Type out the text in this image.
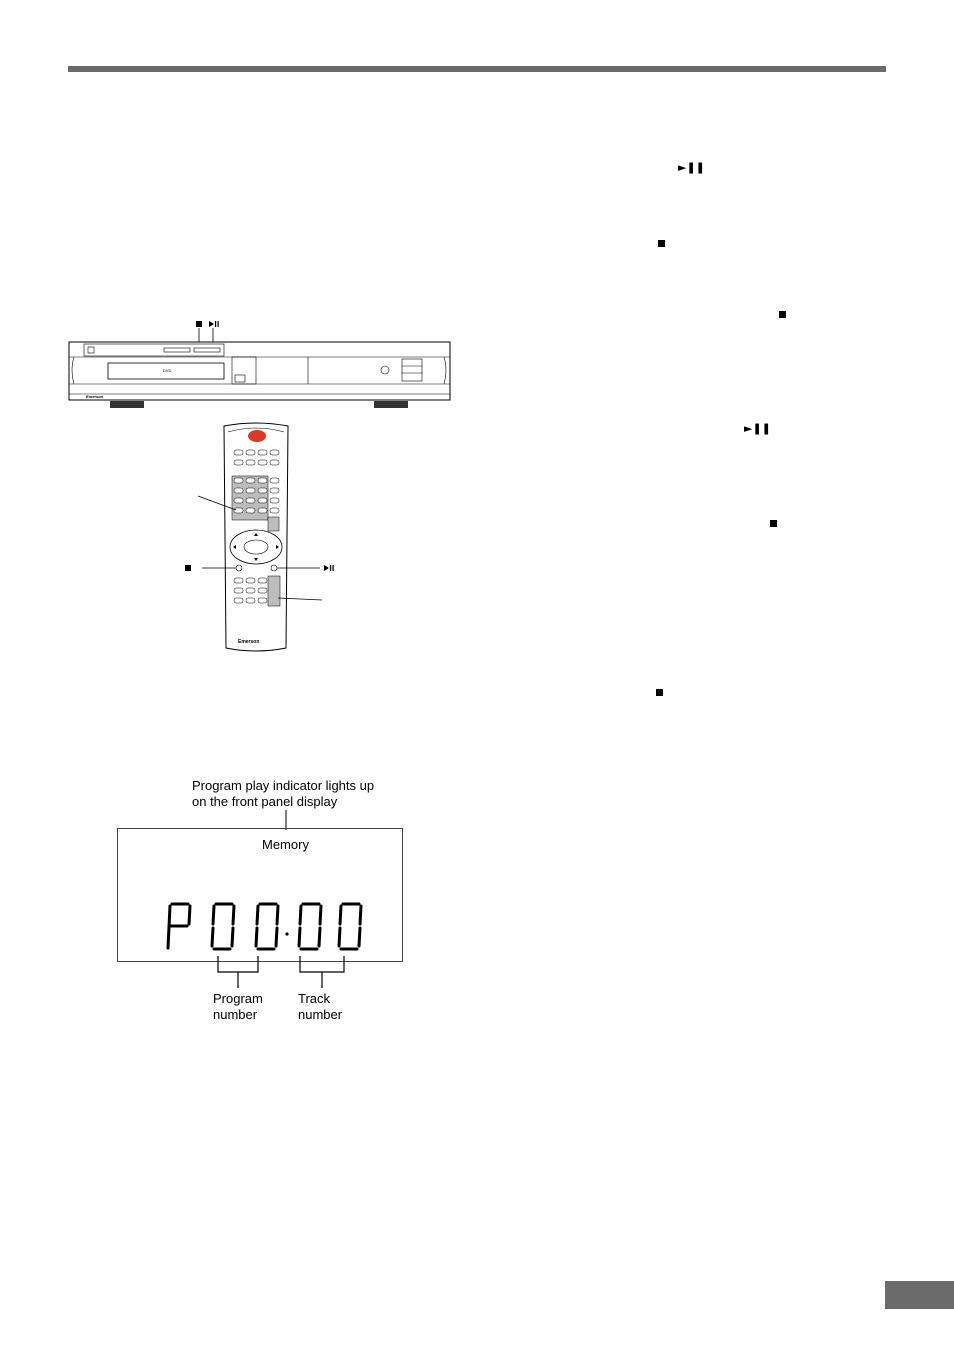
►❚❚
►❚❚
DVD
Emerson
Emerson
Program play indicator lights up
on the front panel display
Memory
Program
number
Track
number
